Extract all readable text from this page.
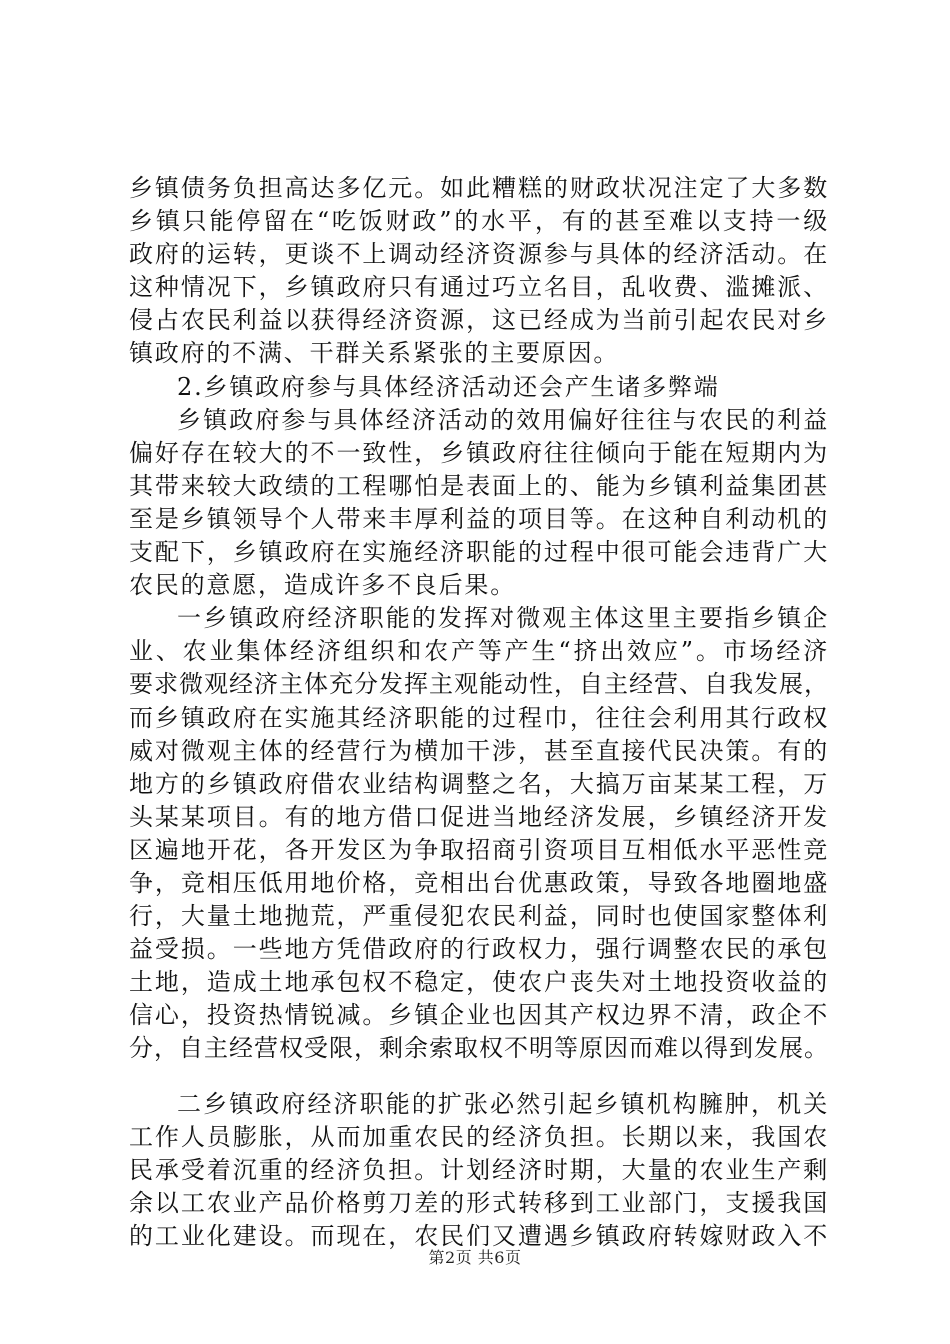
乡镇债务负担高达多亿元。如此糟糕的财政状况注定了大多数
乡镇只能停留在“吃饭财政”的水平，有的甚至难以支持一级
政府的运转，更谈不上调动经济资源参与具体的经济活动。在
这种情况下，乡镇政府只有通过巧立名目，乱收费、滥摊派、
侵占农民利益以获得经济资源，这已经成为当前引起农民对乡
镇政府的不满、干群关系紧张的主要原因。
2.乡镇政府参与具体经济活动还会产生诸多弊端
乡镇政府参与具体经济活动的效用偏好往往与农民的利益
偏好存在较大的不一致性，乡镇政府往往倾向于能在短期内为
其带来较大政绩的工程哪怕是表面上的、能为乡镇利益集团甚
至是乡镇领导个人带来丰厚利益的项目等。在这种自利动机的
支配下，乡镇政府在实施经济职能的过程中很可能会违背广大
农民的意愿，造成许多不良后果。
一乡镇政府经济职能的发挥对微观主体这里主要指乡镇企
业、农业集体经济组织和农产等产生“挤出效应”。市场经济
要求微观经济主体充分发挥主观能动性，自主经营、自我发展，
而乡镇政府在实施其经济职能的过程巾，往往会利用其行政权
威对微观主体的经营行为横加干涉，甚至直接代民决策。有的
地方的乡镇政府借农业结构调整之名，大搞万亩某某工程，万
头某某项目。有的地方借口促进当地经济发展，乡镇经济开发
区遍地开花，各开发区为争取招商引资项目互相低水平恶性竞
争，竞相压低用地价格，竞相出台优惠政策，导致各地圈地盛
行，大量土地抛荒，严重侵犯农民利益，同时也使国家整体利
益受损。一些地方凭借政府的行政权力，强行调整农民的承包
土地，造成土地承包权不稳定，使农户丧失对土地投资收益的
信心，投资热情锐减。乡镇企业也因其产权边界不清，政企不
分，自主经营权受限，剩余索取权不明等原因而难以得到发展。
二乡镇政府经济职能的扩张必然引起乡镇机构臃肿，机关
工作人员膨胀，从而加重农民的经济负担。长期以来，我国农
民承受着沉重的经济负担。计划经济时期，大量的农业生产剩
余以工农业产品价格剪刀差的形式转移到工业部门，支援我国
的工业化建设。而现在，农民们又遭遇乡镇政府转嫁财政入不
第2页 共6页
